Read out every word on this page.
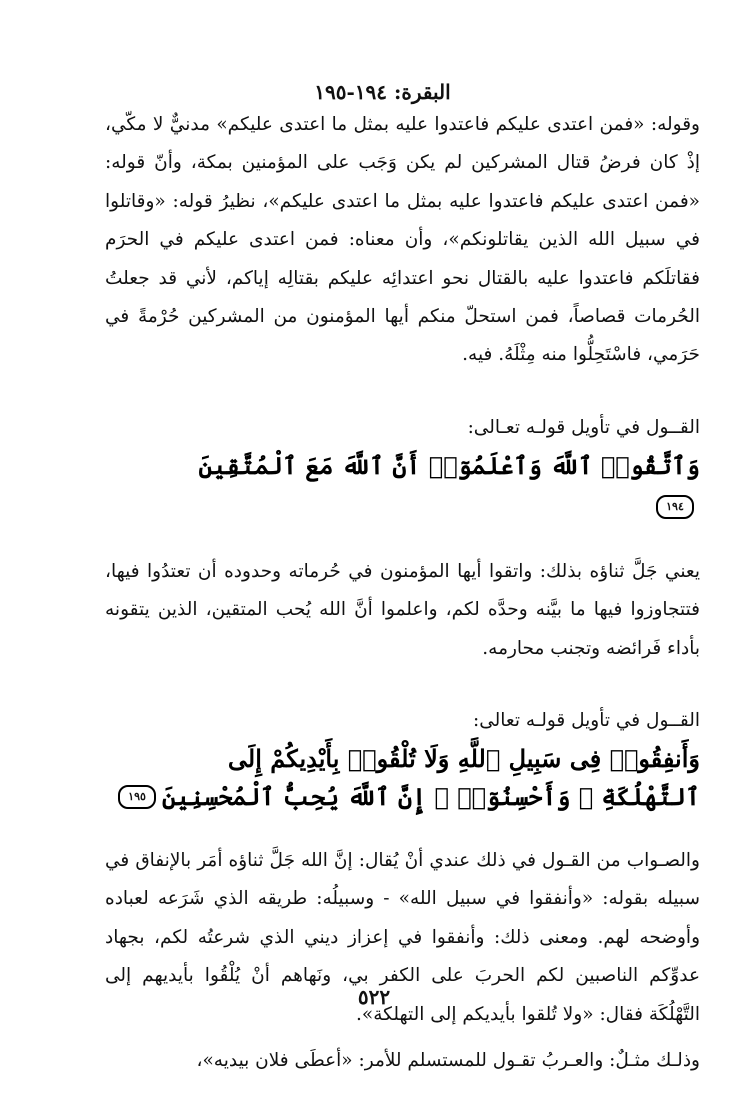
البقرة: ١٩٤-١٩٥

وقوله: «فمن اعتدى عليكم فاعتدوا عليه بمثل ما اعتدى عليكم» مدنيٌّ لا مكّي، إذْ كان فرضُ قتال المشركين لم يكن وَجَب على المؤمنين بمكة، وأنّ قوله: «فمن اعتدى عليكم فاعتدوا عليه بمثل ما اعتدى عليكم»، نظيرُ قوله: «وقاتلوا في سبيل الله الذين يقاتلونكم»، وأن معناه: فمن اعتدى عليكم في الحرَم فقاتلَكم فاعتدوا عليه بالقتال نحو اعتدائِه عليكم بقتالِه إياكم، لأني قد جعلتُ الحُرمات قصاصاً، فمن استحلّ منكم أيها المؤمنون من المشركين حُرْمةً في حَرَمي، فاسْتَحِلُّوا منه مِثْلَهُ. فيه.

القــول في تأويل قولـه تعـالى:
وَٱتَّقُوا۟ ٱللَّهَ وَٱعْلَمُوٓا۟ أَنَّ ٱللَّهَ مَعَ ٱلْمُتَّقِينَ
١٩٤

يعني جَلَّ ثناؤه بذلك: واتقوا أيها المؤمنون في حُرماته وحدوده أن تعتدُوا فيها، فتتجاوزوا فيها ما بيَّنه وحدَّه لكم، واعلموا أنَّ الله يُحب المتقين، الذين يتقونه بأداء فَرائضه وتجنب محارمه.

القــول في تأويل قولـه تعالى:
وَأَنفِقُوا۟ فِى سَبِيلِ ٱللَّهِ وَلَا تُلْقُوا۟ بِأَيْدِيكُمْ إِلَى
ٱلتَّهْلُكَةِ ۛ وَأَحْسِنُوٓا۟ ۛ إِنَّ ٱللَّهَ يُحِبُّ ٱلْمُحْسِنِينَ
١٩٥

والصـواب من القـول في ذلك عندي أنْ يُقال: إنَّ الله جَلَّ ثناؤه أمَر بالإنفاق في سبيله بقوله: «وأنفقوا في سبيل الله» - وسبيلُه: طريقه الذي شَرَعه لعباده وأوضحه لهم. ومعنى ذلك: وأنفقوا في إعزاز ديني الذي شرعتُه لكم، بجهاد عدوِّكم الناصبين لكم الحربَ على الكفر بي، ونَهاهم أنْ يُلْقُوا بأيديهم إلى التَّهْلُكَة فقال: «ولا تُلقوا بأيديكم إلى التهلكة».

وذلـك مثـلٌ: والعـربُ تقـول للمستسلم للأمر: «أعطَى فلان بيديه»،

٥٢٢
